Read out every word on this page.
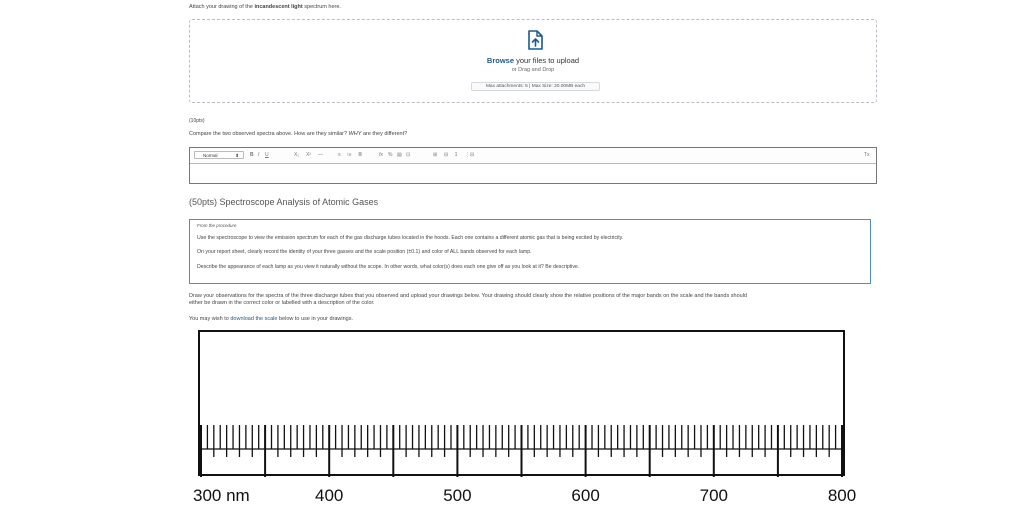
Attach your drawing of the incandescent light spectrum here.
Browse your files to upload
or Drag and Drop
Max attachments: 5 | Max Size: 20.00MB each
(10pts)
Compare the two observed spectra above. How are they similar? WHY are they different?
Normal	⬍ B I U	X₂ X² —	≡ ⁝≡ ≣	fx % ▤ ⊡	⊞ ⊟ ↧ ⋮⊟	Tx
(50pts) Spectroscope Analysis of Atomic Gases
From the procedure
Use the spectroscope to view the emission spectrum for each of the gas discharge tubes located in the hoods. Each one contains a different atomic gas that is being excited by electricity.
On your report sheet, clearly record the identity of your three gasses and the scale position (±0.1) and color of ALL bands observed for each lamp.
Describe the appearance of each lamp as you view it naturally without the scope. In other words, what color(s) does each one give off as you look at it? Be descriptive.
Draw your observations for the spectra of the three discharge tubes that you observed and upload your drawings below. Your drawing should clearly show the relative positions of the major bands on the scale and the bands should
either be drawn in the correct color or labelled with a description of the color.
You may wish to download the scale below to use in your drawings.
300 nm	400	500	600	700	800
